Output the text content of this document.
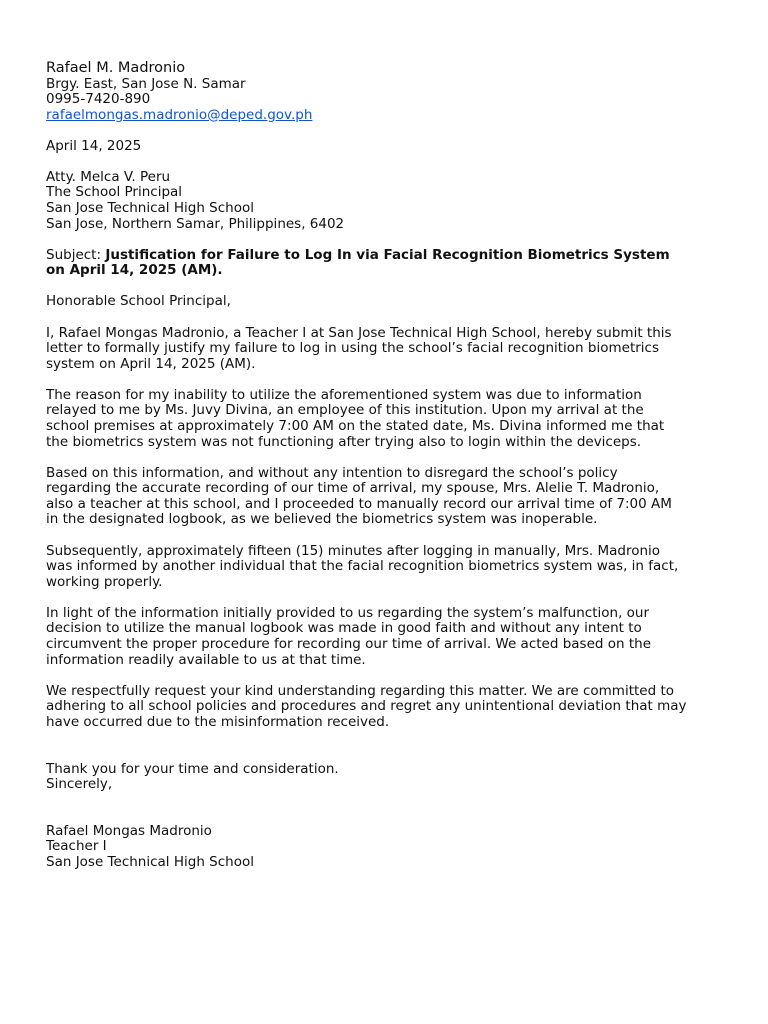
Rafael M. Madronio
Brgy. East, San Jose N. Samar
0995-7420-890
rafaelmongas.madronio@deped.gov.ph
April 14, 2025
Atty. Melca V. Peru
The School Principal
San Jose Technical High School
San Jose, Northern Samar, Philippines, 6402
Subject: Justification for Failure to Log In via Facial Recognition Biometrics System
on April 14, 2025 (AM).
Honorable School Principal,
I, Rafael Mongas Madronio, a Teacher I at San Jose Technical High School, hereby submit this
letter to formally justify my failure to log in using the school’s facial recognition biometrics
system on April 14, 2025 (AM).
The reason for my inability to utilize the aforementioned system was due to information
relayed to me by Ms. Juvy Divina, an employee of this institution. Upon my arrival at the
school premises at approximately 7:00 AM on the stated date, Ms. Divina informed me that
the biometrics system was not functioning after trying also to login within the deviceps.
Based on this information, and without any intention to disregard the school’s policy
regarding the accurate recording of our time of arrival, my spouse, Mrs. Alelie T. Madronio,
also a teacher at this school, and I proceeded to manually record our arrival time of 7:00 AM
in the designated logbook, as we believed the biometrics system was inoperable.
Subsequently, approximately fifteen (15) minutes after logging in manually, Mrs. Madronio
was informed by another individual that the facial recognition biometrics system was, in fact,
working properly.
In light of the information initially provided to us regarding the system’s malfunction, our
decision to utilize the manual logbook was made in good faith and without any intent to
circumvent the proper procedure for recording our time of arrival. We acted based on the
information readily available to us at that time.
We respectfully request your kind understanding regarding this matter. We are committed to
adhering to all school policies and procedures and regret any unintentional deviation that may
have occurred due to the misinformation received.
Thank you for your time and consideration.
Sincerely,
Rafael Mongas Madronio
Teacher I
San Jose Technical High School
